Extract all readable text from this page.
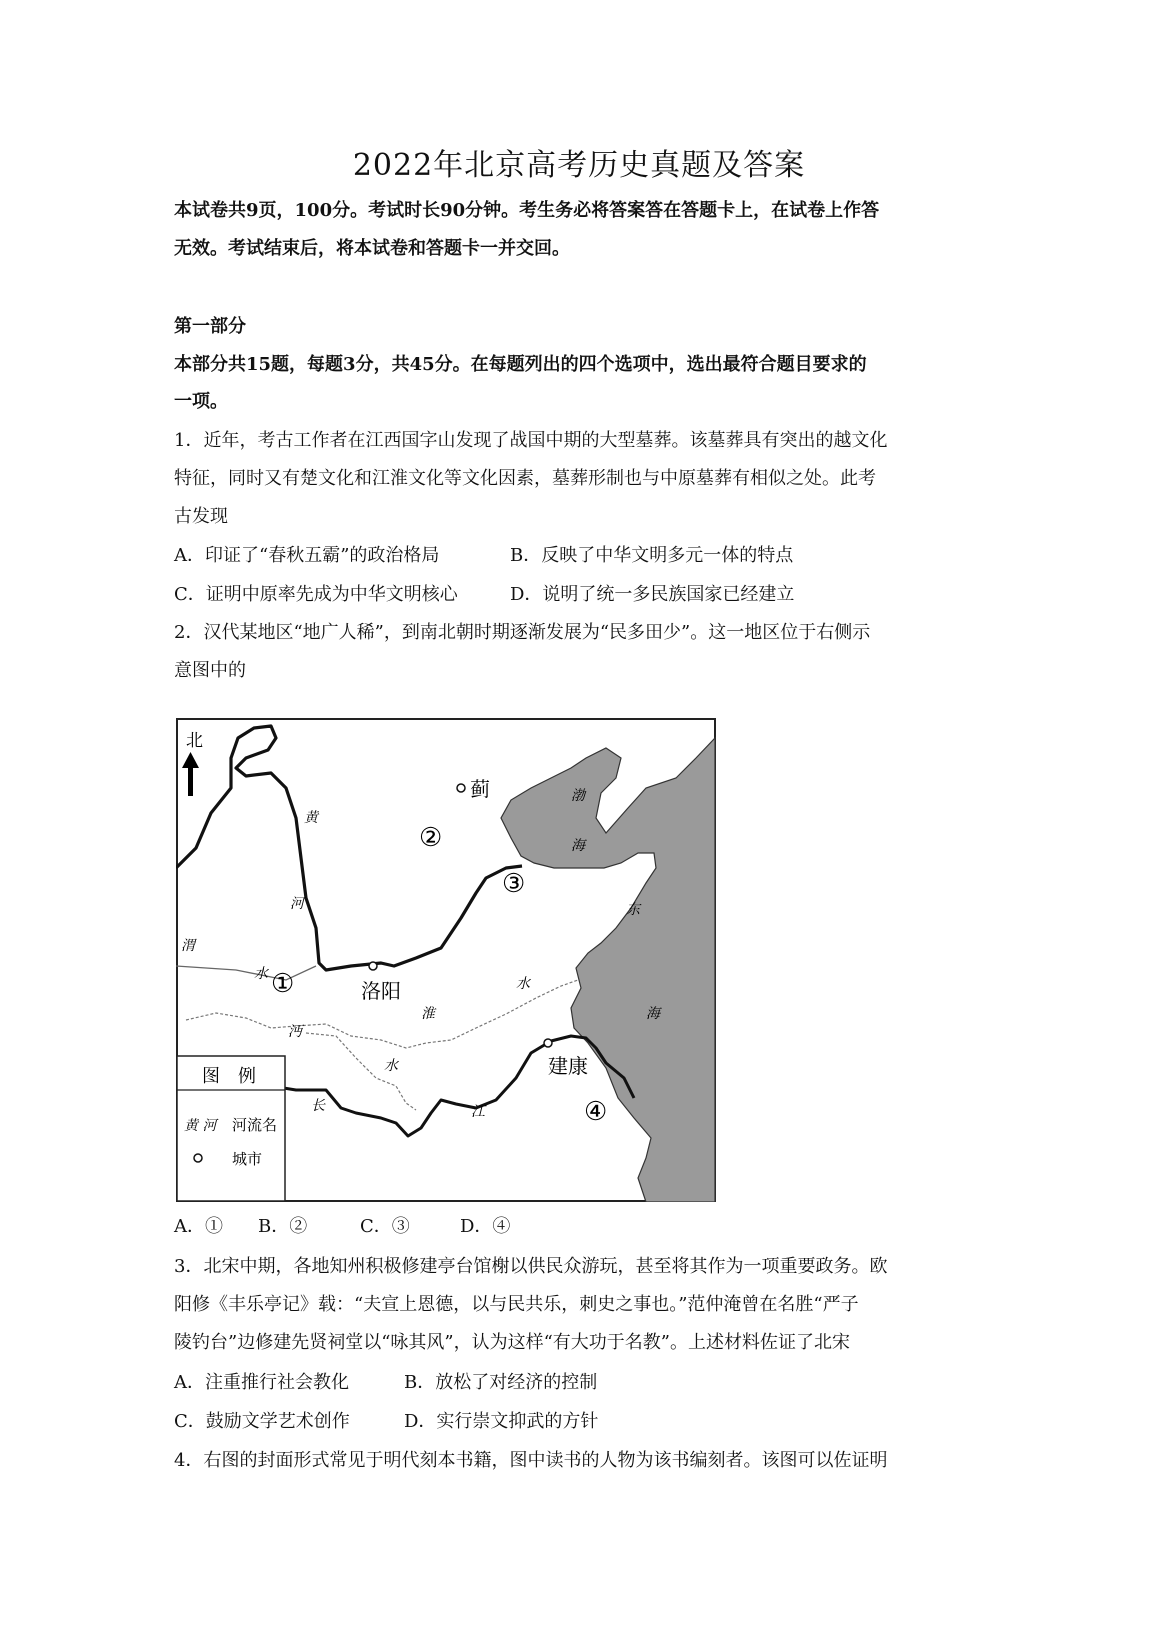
2022年北京高考历史真题及答案
本试卷共9页，100分。考试时长90分钟。考生务必将答案答在答题卡上，在试卷上作答
无效。考试结束后，将本试卷和答题卡一并交回。
第一部分
本部分共15题，每题3分，共45分。在每题列出的四个选项中，选出最符合题目要求的
一项。
1．近年，考古工作者在江西国字山发现了战国中期的大型墓葬。该墓葬具有突出的越文化
特征，同时又有楚文化和江淮文化等文化因素，墓葬形制也与中原墓葬有相似之处。此考
古发现
A．印证了“春秋五霸”的政治格局	B．反映了中华文明多元一体的特点
C．证明中原率先成为中华文明核心	D．说明了统一多民族国家已经建立
2．汉代某地区“地广人稀”，到南北朝时期逐渐发展为“民多田少”。这一地区位于右侧示
意图中的
北
蓟
洛阳
建康
渤
海
东
海
黄
河
渭
水
淮
水
沔
水
长	江
①
②
③
④
图　例
黄 河 河流名
城市
A．① B．②	C．③	D．④
3．北宋中期，各地知州积极修建亭台馆榭以供民众游玩，甚至将其作为一项重要政务。欧
阳修《丰乐亭记》载：“夫宣上恩德，以与民共乐，刺史之事也。”范仲淹曾在名胜“严子
陵钓台”边修建先贤祠堂以“咏其风”，认为这样“有大功于名教”。上述材料佐证了北宋
A．注重推行社会教化	B．放松了对经济的控制
C．鼓励文学艺术创作	D．实行崇文抑武的方针
4．右图的封面形式常见于明代刻本书籍，图中读书的人物为该书编刻者。该图可以佐证明
